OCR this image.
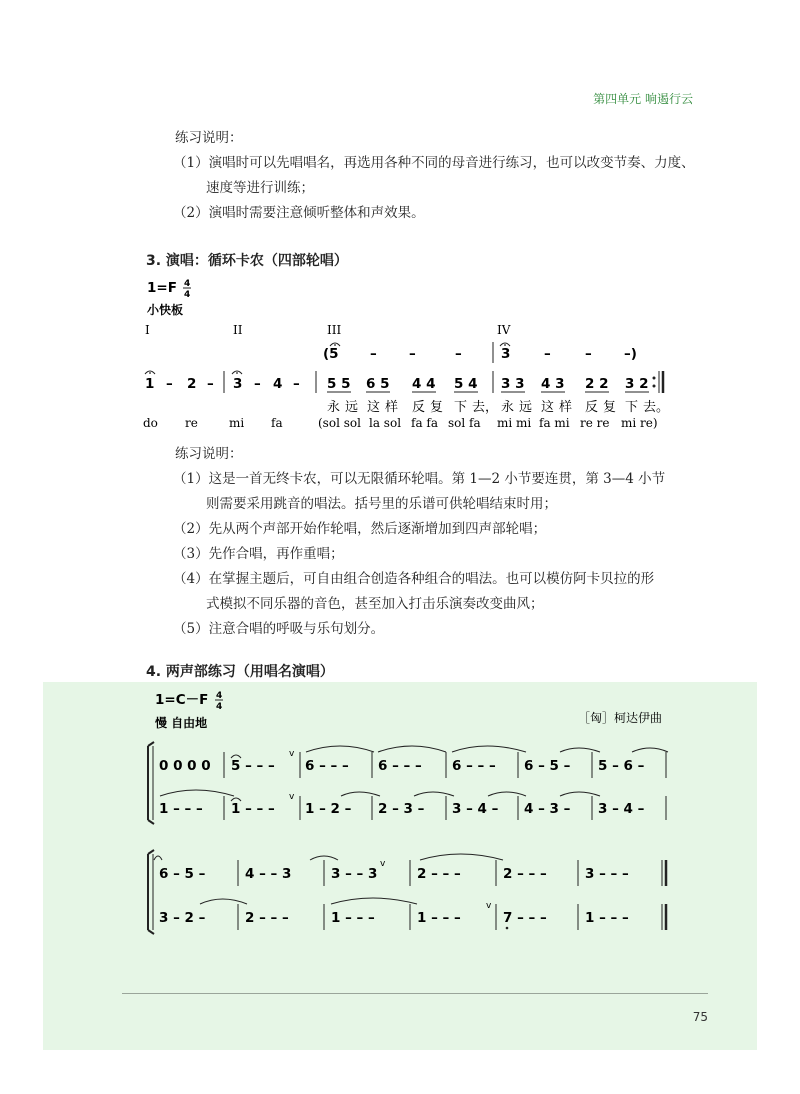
第四单元 响遏行云
练习说明：
（1）演唱时可以先唱唱名，再选用各种不同的母音进行练习，也可以改变节奏、力度、
速度等进行训练；
（2）演唱时需要注意倾听整体和声效果。
3. 演唱：循环卡农（四部轮唱）
1=F 4
4
小快板
I	II	III	IV
(5 – –	–	3 –	– –)
1 – 2 – 3 – 4 – 5 5 6 5 4 4 5 4 3 3 4 3 2 2 3 2
永 远 这 样 反 复 下 去， 永 远 这 样 反 复 下 去。
do re	mi fa	(sol sol la sol fa fa sol fa mi mi fa mi re re mi re)
练习说明：
（1）这是一首无终卡农，可以无限循环轮唱。第 1—2 小节要连贯，第 3—4 小节
则需要采用跳音的唱法。括号里的乐谱可供轮唱结束时用；
（2）先从两个声部开始作轮唱，然后逐渐增加到四声部轮唱；
（3）先作合唱，再作重唱；
（4）在掌握主题后，可自由组合创造各种组合的唱法。也可以模仿阿卡贝拉的形
式模拟不同乐器的音色，甚至加入打击乐演奏改变曲风；
（5）注意合唱的呼吸与乐句划分。
4. 两声部练习（用唱名演唱）
1=C－F 4
4
慢 自由地	［匈］柯达伊曲
0 0 0 0 5 – – – 6 – – – 6 – – – 6 – – – 6 – 5 – 5 – 6 –
v
1 – – – 1 – – – 1 – 2 – 2 – 3 – 3 – 4 – 4 – 3 – 3 – 4 –
v
6 – 5 –	4 – – 3	3 – – 3	2 – – –	2 – – –	3 – – –
v
3 – 2 –	2 – – –	1 – – –	1 – – –	7 – – –	1 – – –
v
75
